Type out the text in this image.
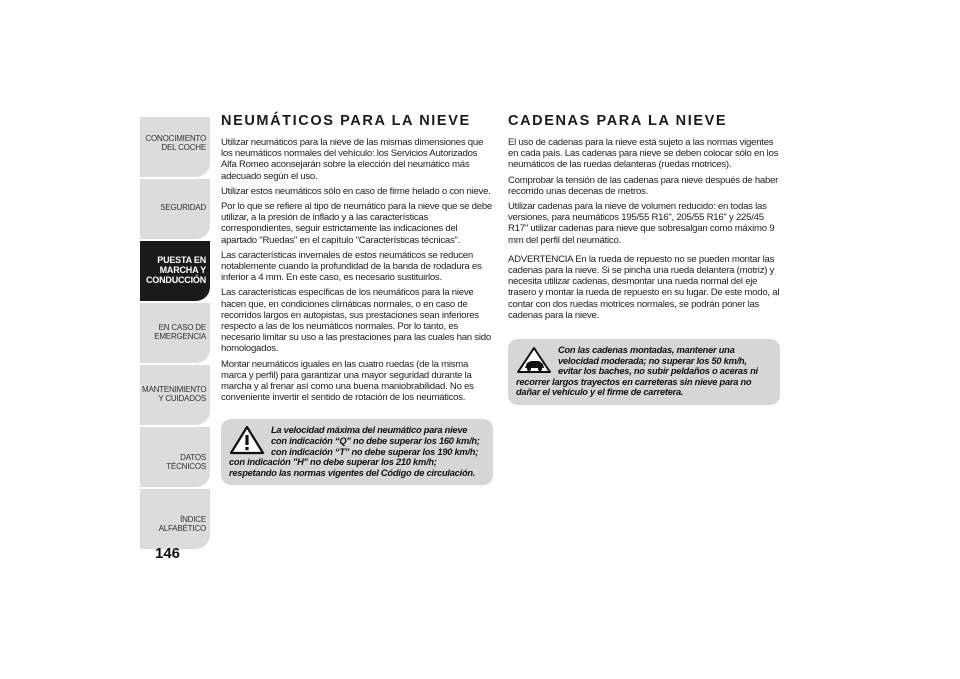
CONOCIMIENTO DEL COCHE
SEGURIDAD
PUESTA EN MARCHA Y CONDUCCIÓN
EN CASO DE EMERGENCIA
MANTENIMIENTO Y CUIDADOS
DATOS TÉCNICOS
ÍNDICE ALFABÉTICO
146
NEUMÁTICOS PARA LA NIEVE

Utilizar neumáticos para la nieve de las mismas dimensiones que los neumáticos normales del vehículo: los Servicios Autorizados Alfa Romeo aconsejarán sobre la elección del neumático más adecuado según el uso.

Utilizar estos neumáticos sólo en caso de firme helado o con nieve.

Por lo que se refiere al tipo de neumático para la nieve que se debe utilizar, a la presión de inflado y a las características correspondientes, seguir estrictamente las indicaciones del apartado "Ruedas" en el capítulo "Características técnicas".

Las características invernales de estos neumáticos se reducen notablemente cuando la profundidad de la banda de rodadura es inferior a 4 mm. En este caso, es necesario sustituirlos.

Las características específicas de los neumáticos para la nieve hacen que, en condiciones climáticas normales, o en caso de recorridos largos en autopistas, sus prestaciones sean inferiores respecto a las de los neumáticos normales. Por lo tanto, es necesario limitar su uso a las prestaciones para las cuales han sido homologados.

Montar neumáticos iguales en las cuatro ruedas (de la misma marca y perfil) para garantizar una mayor seguridad durante la marcha y al frenar así como una buena maniobrabilidad. No es conveniente invertir el sentido de rotación de los neumáticos.

La velocidad máxima del neumático para nieve con indicación “Q” no debe superar los 160 km/h; con indicación “T” no debe superar los 190 km/h; con indicación "H" no debe superar los 210 km/h; respetando las normas vigentes del Código de circulación.

CADENAS PARA LA NIEVE

El uso de cadenas para la nieve está sujeto a las normas vigentes en cada país. Las cadenas para nieve se deben colocar sólo en los neumáticos de las ruedas delanteras (ruedas motrices).

Comprobar la tensión de las cadenas para nieve después de haber recorrido unas decenas de metros.

Utilizar cadenas para la nieve de volumen reducido: en todas las versiones, para neumáticos 195/55 R16", 205/55 R16" y 225/45 R17" utilizar cadenas para nieve que sobresalgan como máximo 9 mm del perfil del neumático.

ADVERTENCIA En la rueda de repuesto no se pueden montar las cadenas para la nieve. Si se pincha una rueda delantera (motriz) y necesita utilizar cadenas, desmontar una rueda normal del eje trasero y montar la rueda de repuesto en su lugar. De este modo, al contar con dos ruedas motrices normales, se podrán poner las cadenas para la nieve.

Con las cadenas montadas, mantener una velocidad moderada; no superar los 50 km/h, evitar los baches, no subir peldaños o aceras ni recorrer largos trayectos en carreteras sin nieve para no dañar el vehículo y el firme de carretera.
